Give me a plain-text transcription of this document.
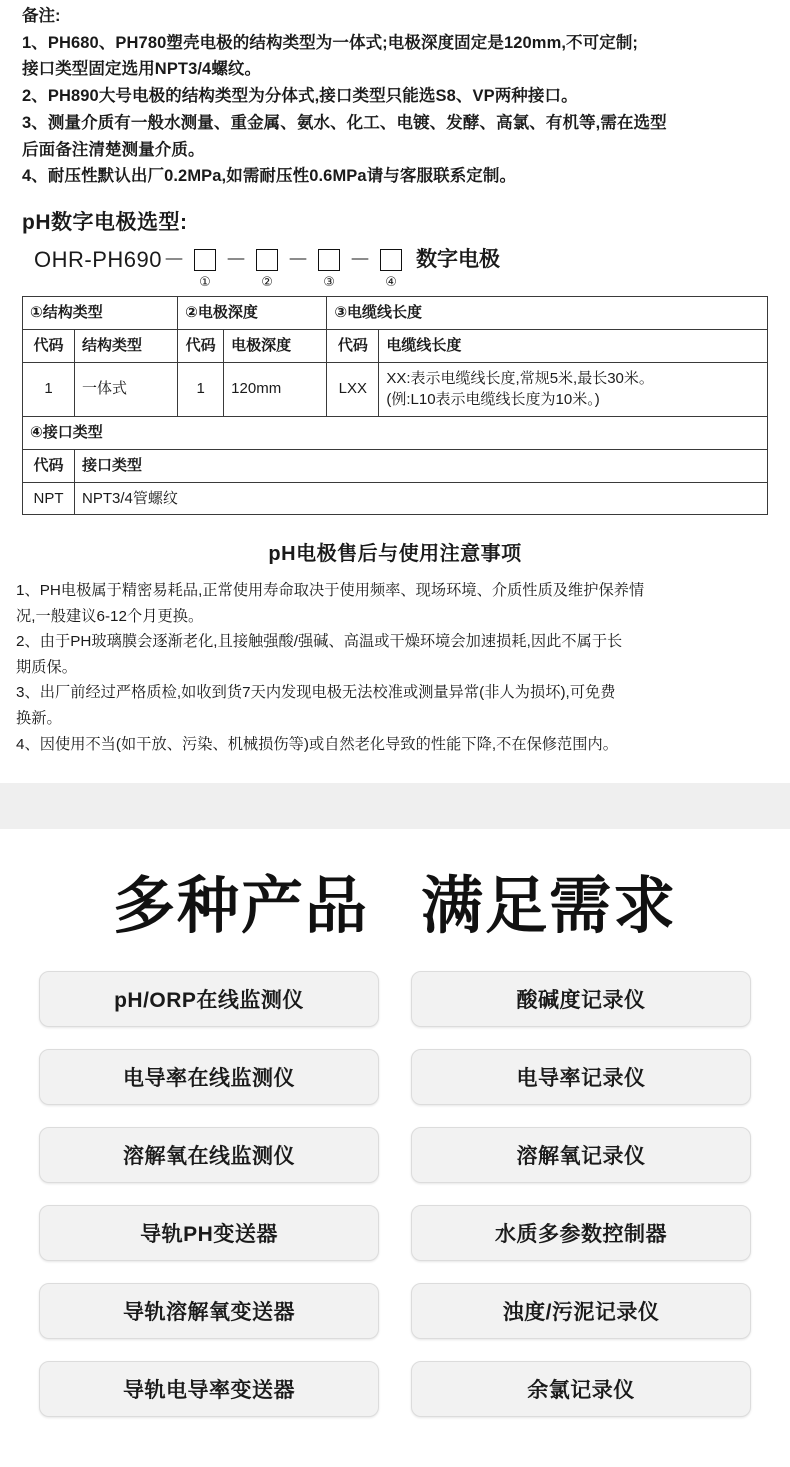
备注:
1、PH680、PH780塑壳电极的结构类型为一体式;电极深度固定是120mm,不可定制;
接口类型固定选用NPT3/4螺纹。
2、PH890大号电极的结构类型为分体式,接口类型只能选S8、VP两种接口。
3、测量介质有一般水测量、重金属、氨水、化工、电镀、发酵、高氯、有机等,需在选型
后面备注清楚测量介质。
4、耐压性默认出厂0.2MPa,如需耐压性0.6MPa请与客服联系定制。
pH数字电极选型:
OHR-PH690 －
①
－
②
－
③
－
④
数字电极
①结构类型		②电极深度		③电缆线长度	
代码	结构类型	代码	电极深度	代码	电缆线长度
1	一体式	1	120mm	LXX	XX:表示电缆线长度,常规5米,最长30米。
(例:L10表示电缆线长度为10米。)

④接口类型					
代码	接口类型				
NPT	NPT3/4管螺纹				
pH电极售后与使用注意事项
1、PH电极属于精密易耗品,正常使用寿命取决于使用频率、现场环境、介质性质及维护保养情
况,一般建议6-12个月更换。
2、由于PH玻璃膜会逐渐老化,且接触强酸/强碱、高温或干燥环境会加速损耗,因此不属于长
期质保。
3、出厂前经过严格质检,如收到货7天内发现电极无法校准或测量异常(非人为损坏),可免费
换新。
4、因使用不当(如干放、污染、机械损伤等)或自然老化导致的性能下降,不在保修范围内。
多种产品 满足需求
pH/ORP在线监测仪	酸碱度记录仪
电导率在线监测仪	电导率记录仪
溶解氧在线监测仪	溶解氧记录仪
导轨PH变送器	水质多参数控制器
导轨溶解氧变送器	浊度/污泥记录仪
导轨电导率变送器	余氯记录仪
